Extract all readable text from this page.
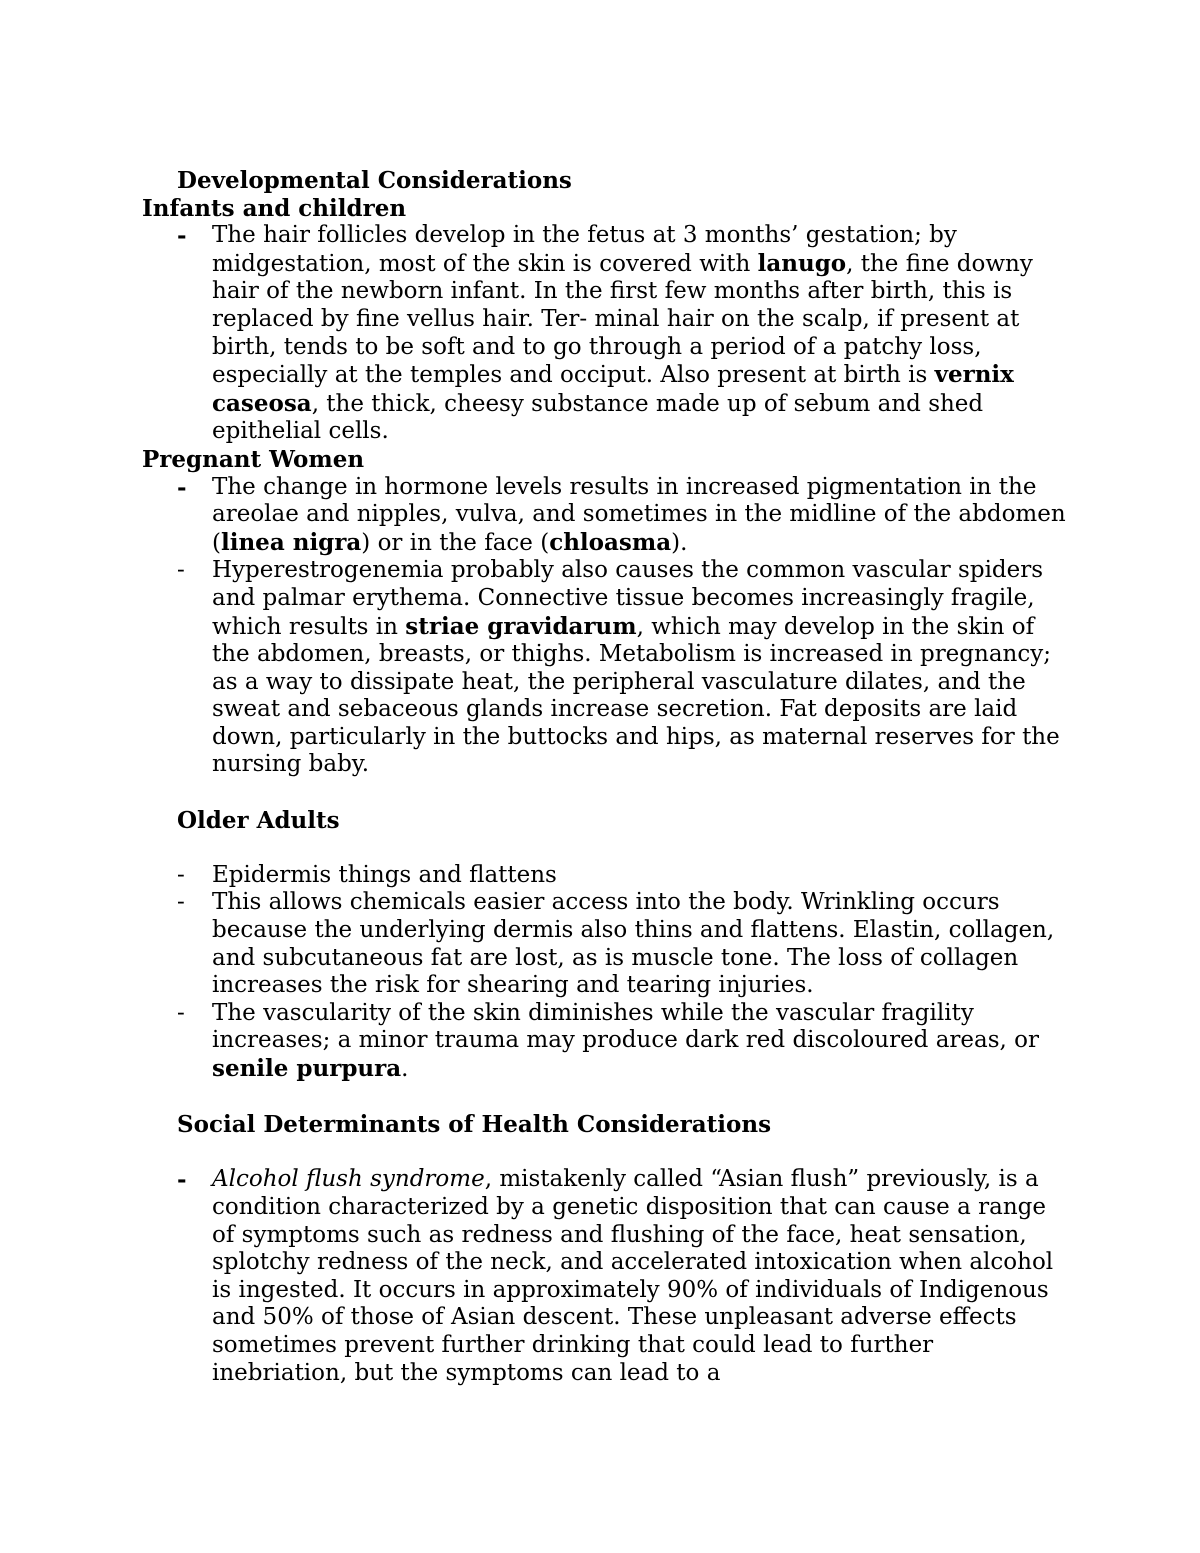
Developmental Considerations

Infants and children

- The hair follicles develop in the fetus at 3 months’ gestation; by midgestation, most of the skin is covered with lanugo, the fine downy hair of the newborn infant. In the first few months after birth, this is replaced by fine vellus hair. Ter- minal hair on the scalp, if present at birth, tends to be soft and to go through a period of a patchy loss, especially at the temples and occiput. Also present at birth is vernix caseosa, the thick, cheesy substance made up of sebum and shed epithelial cells.

Pregnant Women

- The change in hormone levels results in increased pigmentation in the areolae and nipples, vulva, and sometimes in the midline of the abdomen (linea nigra) or in the face (chloasma).
- Hyperestrogenemia probably also causes the common vascular spiders and palmar erythema. Connective tissue becomes increasingly fragile, which results in striae gravidarum, which may develop in the skin of the abdomen, breasts, or thighs. Metabolism is increased in pregnancy; as a way to dissipate heat, the peripheral vasculature dilates, and the sweat and sebaceous glands increase secretion. Fat deposits are laid down, particularly in the buttocks and hips, as maternal reserves for the nursing baby.

Older Adults

- Epidermis things and flattens
- This allows chemicals easier access into the body. Wrinkling occurs because the underlying dermis also thins and flattens. Elastin, collagen, and subcutaneous fat are lost, as is muscle tone. The loss of collagen increases the risk for shearing and tearing injuries.
- The vascularity of the skin diminishes while the vascular fragility increases; a minor trauma may produce dark red discoloured areas, or senile purpura.

Social Determinants of Health Considerations

- Alcohol flush syndrome, mistakenly called “Asian flush” previously, is a condition characterized by a genetic disposition that can cause a range of symptoms such as redness and flushing of the face, heat sensation, splotchy redness of the neck, and accelerated intoxication when alcohol is ingested. It occurs in approximately 90% of individuals of Indigenous and 50% of those of Asian descent. These unpleasant adverse effects sometimes prevent further drinking that could lead to further inebriation, but the symptoms can lead to a
